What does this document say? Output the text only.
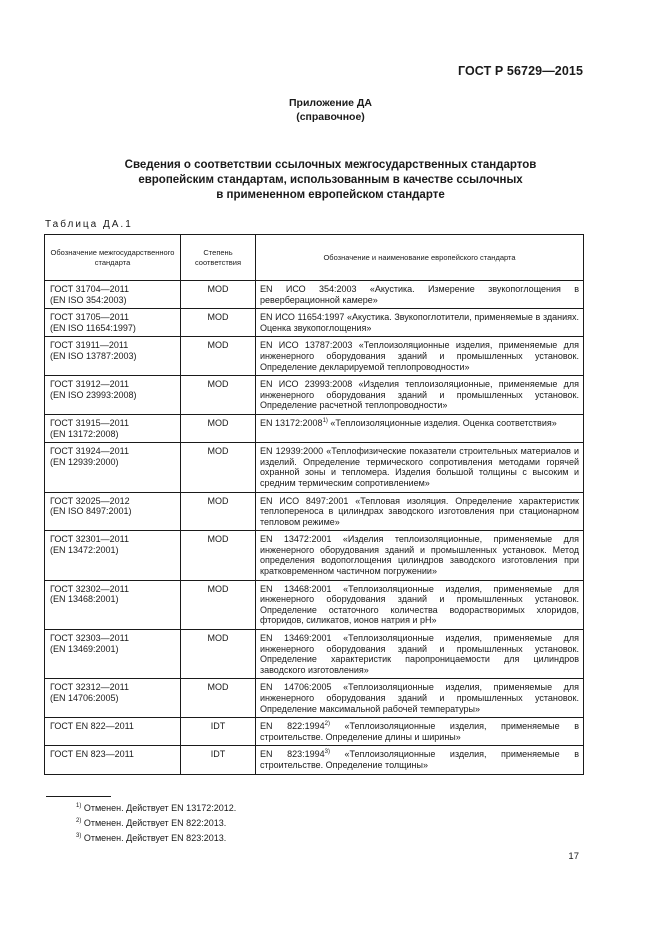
ГОСТ Р 56729—2015
Приложение ДА
(справочное)
Сведения о соответствии ссылочных межгосударственных стандартов
европейским стандартам, использованным в качестве ссылочных
в примененном европейском стандарте
Таблица ДА.1
Обозначение межгосударственного стандарта	Степень соответствия	Обозначение и наименование европейского стандарта

ГОСТ 31704—2011
(EN ISO 354:2003)	MOD	EN ИСО 354:2003 «Акустика. Измерение звукопоглощения в реверберационной камере»

ГОСТ 31705—2011
(EN ISO 11654:1997)	MOD	EN ИСО 11654:1997 «Акустика. Звукопоглотители, применяемые в зданиях. Оценка звукопоглощения»

ГОСТ 31911—2011
(EN ISO 13787:2003)	MOD	EN ИСО 13787:2003 «Теплоизоляционные изделия, применяемые для инженерного оборудования зданий и промышленных установок. Определение декларируемой теплопроводности»

ГОСТ 31912—2011
(EN ISO 23993:2008)	MOD	EN ИСО 23993:2008 «Изделия теплоизоляционные, применяемые для инженерного оборудования зданий и промышленных установок. Определение расчетной теплопроводности»

ГОСТ 31915—2011
(EN 13172:2008)	MOD	EN 13172:2008$^{1)}$ «Теплоизоляционные изделия. Оценка соответствия»

ГОСТ 31924—2011
(EN 12939:2000)	MOD	EN 12939:2000 «Теплофизические показатели строительных материалов и изделий. Определение термического сопротивления методами горячей охранной зоны и тепломера. Изделия большой толщины с высоким и средним термическим сопротивлением»

ГОСТ 32025—2012
(EN ISO 8497:2001)	MOD	EN ИСО 8497:2001 «Тепловая изоляция. Определение характеристик теплопереноса в цилиндрах заводского изготовления при стационарном тепловом режиме»

ГОСТ 32301—2011
(EN 13472:2001)	MOD	EN 13472:2001 «Изделия теплоизоляционные, применяемые для инженерного оборудования зданий и промышленных установок. Метод определения водопоглощения цилиндров заводского изготовления при кратковременном частичном погружении»

ГОСТ 32302—2011
(EN 13468:2001)	MOD	EN 13468:2001 «Теплоизоляционные изделия, применяемые для инженерного оборудования зданий и промышленных установок. Определение остаточного количества водорастворимых хлоридов, фторидов, силикатов, ионов натрия и pH»

ГОСТ 32303—2011
(EN 13469:2001)	MOD	EN 13469:2001 «Теплоизоляционные изделия, применяемые для инженерного оборудования зданий и промышленных установок. Определение характеристик паропроницаемости для цилиндров заводского изготовления»

ГОСТ 32312—2011
(EN 14706:2005)	MOD	EN 14706:2005 «Теплоизоляционные изделия, применяемые для инженерного оборудования зданий и промышленных установок. Определение максимальной рабочей температуры»

ГОСТ EN 822—2011	IDT	EN 822:1994$^{2)}$ «Теплоизоляционные изделия, применяемые в строительстве. Определение длины и ширины»

ГОСТ EN 823—2011	IDT	EN 823:1994$^{3)}$ «Теплоизоляционные изделия, применяемые в строительстве. Определение толщины»
$^{1)}$ Отменен. Действует EN 13172:2012.
$^{2)}$ Отменен. Действует EN 822:2013.
$^{3)}$ Отменен. Действует EN 823:2013.
17
